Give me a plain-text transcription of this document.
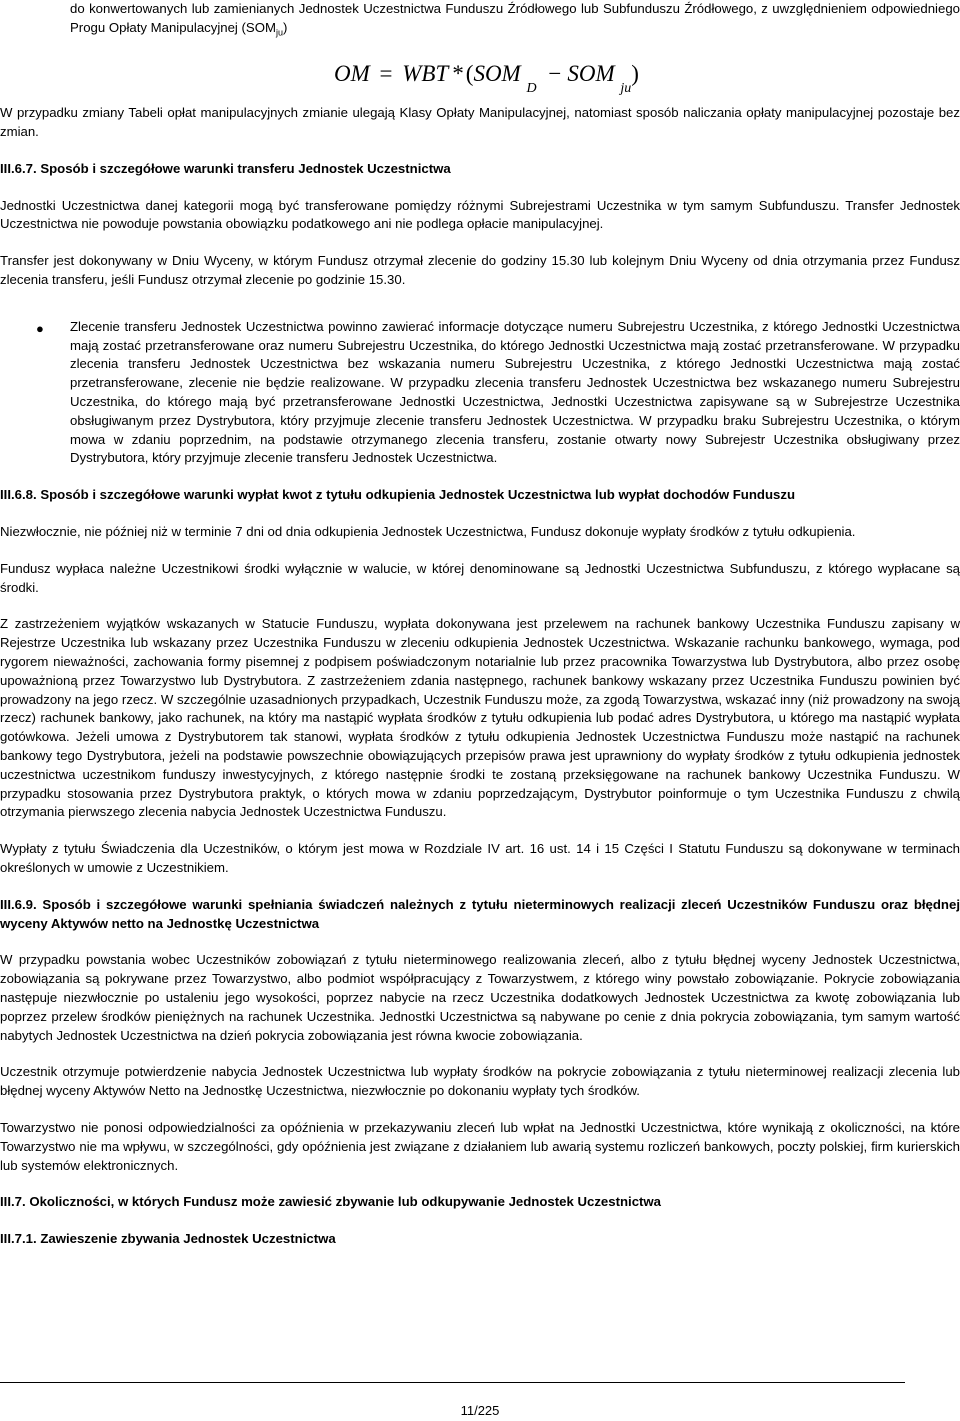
do konwertowanych lub zamienianych Jednostek Uczestnictwa Funduszu Źródłowego lub Subfunduszu Źródłowego, z uwzględnieniem odpowiedniego Progu Opłaty Manipulacyjnej $(SOM_{ju})$

OM = WBT * (SOM $_D$ − SOM $_{ju}$)

W przypadku zmiany Tabeli opłat manipulacyjnych zmianie ulegają Klasy Opłaty Manipulacyjnej, natomiast sposób naliczania opłaty manipulacyjnej pozostaje bez zmian.

III.6.7. Sposób i szczegółowe warunki transferu Jednostek Uczestnictwa

Jednostki Uczestnictwa danej kategorii mogą być transferowane pomiędzy różnymi Subrejestrami Uczestnika w tym samym Subfunduszu. Transfer Jednostek Uczestnictwa nie powoduje powstania obowiązku podatkowego ani nie podlega opłacie manipulacyjnej.

Transfer jest dokonywany w Dniu Wyceny, w którym Fundusz otrzymał zlecenie do godziny 15.30 lub kolejnym Dniu Wyceny od dnia otrzymania przez Fundusz zlecenia transferu, jeśli Fundusz otrzymał zlecenie po godzinie 15.30.

● Zlecenie transferu Jednostek Uczestnictwa powinno zawierać informacje dotyczące numeru Subrejestru Uczestnika, z którego Jednostki Uczestnictwa mają zostać przetransferowane oraz numeru Subrejestru Uczestnika, do którego Jednostki Uczestnictwa mają zostać przetransferowane. W przypadku zlecenia transferu Jednostek Uczestnictwa bez wskazania numeru Subrejestru Uczestnika, z którego Jednostki Uczestnictwa mają zostać przetransferowane, zlecenie nie będzie realizowane. W przypadku zlecenia transferu Jednostek Uczestnictwa bez wskazanego numeru Subrejestru Uczestnika, do którego mają być przetransferowane Jednostki Uczestnictwa, Jednostki Uczestnictwa zapisywane są w Subrejestrze Uczestnika obsługiwanym przez Dystrybutora, który przyjmuje zlecenie transferu Jednostek Uczestnictwa. W przypadku braku Subrejestru Uczestnika, o którym mowa w zdaniu poprzednim, na podstawie otrzymanego zlecenia transferu, zostanie otwarty nowy Subrejestr Uczestnika obsługiwany przez Dystrybutora, który przyjmuje zlecenie transferu Jednostek Uczestnictwa.

III.6.8. Sposób i szczegółowe warunki wypłat kwot z tytułu odkupienia Jednostek Uczestnictwa lub wypłat dochodów Funduszu

Niezwłocznie, nie później niż w terminie 7 dni od dnia odkupienia Jednostek Uczestnictwa, Fundusz dokonuje wypłaty środków z tytułu odkupienia.

Fundusz wypłaca należne Uczestnikowi środki wyłącznie w walucie, w której denominowane są Jednostki Uczestnictwa Subfunduszu, z którego wypłacane są środki.

Z zastrzeżeniem wyjątków wskazanych w Statucie Funduszu, wypłata dokonywana jest przelewem na rachunek bankowy Uczestnika Funduszu zapisany w Rejestrze Uczestnika lub wskazany przez Uczestnika Funduszu w zleceniu odkupienia Jednostek Uczestnictwa. Wskazanie rachunku bankowego, wymaga, pod rygorem nieważności, zachowania formy pisemnej z podpisem poświadczonym notarialnie lub przez pracownika Towarzystwa lub Dystrybutora, albo przez osobę upoważnioną przez Towarzystwo lub Dystrybutora. Z zastrzeżeniem zdania następnego, rachunek bankowy wskazany przez Uczestnika Funduszu powinien być prowadzony na jego rzecz. W szczególnie uzasadnionych przypadkach, Uczestnik Funduszu może, za zgodą Towarzystwa, wskazać inny (niż prowadzony na swoją rzecz) rachunek bankowy, jako rachunek, na który ma nastąpić wypłata środków z tytułu odkupienia lub podać adres Dystrybutora, u którego ma nastąpić wypłata gotówkowa. Jeżeli umowa z Dystrybutorem tak stanowi, wypłata środków z tytułu odkupienia Jednostek Uczestnictwa Funduszu może nastąpić na rachunek bankowy tego Dystrybutora, jeżeli na podstawie powszechnie obowiązujących przepisów prawa jest uprawniony do wypłaty środków z tytułu odkupienia jednostek uczestnictwa uczestnikom funduszy inwestycyjnych, z którego następnie środki te zostaną przeksięgowane na rachunek bankowy Uczestnika Funduszu. W przypadku stosowania przez Dystrybutora praktyk, o których mowa w zdaniu poprzedzającym, Dystrybutor poinformuje o tym Uczestnika Funduszu z chwilą otrzymania pierwszego zlecenia nabycia Jednostek Uczestnictwa Funduszu.

Wypłaty z tytułu Świadczenia dla Uczestników, o którym jest mowa w Rozdziale IV art. 16 ust. 14 i 15 Części I Statutu Funduszu są dokonywane w terminach określonych w umowie z Uczestnikiem.

III.6.9. Sposób i szczegółowe warunki spełniania świadczeń należnych z tytułu nieterminowych realizacji zleceń Uczestników Funduszu oraz błędnej wyceny Aktywów netto na Jednostkę Uczestnictwa

W przypadku powstania wobec Uczestników zobowiązań z tytułu nieterminowego realizowania zleceń, albo z tytułu błędnej wyceny Jednostek Uczestnictwa, zobowiązania są pokrywane przez Towarzystwo, albo podmiot współpracujący z Towarzystwem, z którego winy powstało zobowiązanie. Pokrycie zobowiązania następuje niezwłocznie po ustaleniu jego wysokości, poprzez nabycie na rzecz Uczestnika dodatkowych Jednostek Uczestnictwa za kwotę zobowiązania lub poprzez przelew środków pieniężnych na rachunek Uczestnika. Jednostki Uczestnictwa są nabywane po cenie z dnia pokrycia zobowiązania, tym samym wartość nabytych Jednostek Uczestnictwa na dzień pokrycia zobowiązania jest równa kwocie zobowiązania.

Uczestnik otrzymuje potwierdzenie nabycia Jednostek Uczestnictwa lub wypłaty środków na pokrycie zobowiązania z tytułu nieterminowej realizacji zlecenia lub błędnej wyceny Aktywów Netto na Jednostkę Uczestnictwa, niezwłocznie po dokonaniu wypłaty tych środków.

Towarzystwo nie ponosi odpowiedzialności za opóźnienia w przekazywaniu zleceń lub wpłat na Jednostki Uczestnictwa, które wynikają z okoliczności, na które Towarzystwo nie ma wpływu, w szczególności, gdy opóźnienia jest związane z działaniem lub awarią systemu rozliczeń bankowych, poczty polskiej, firm kurierskich lub systemów elektronicznych.

III.7. Okoliczności, w których Fundusz może zawiesić zbywanie lub odkupywanie Jednostek Uczestnictwa

III.7.1. Zawieszenie zbywania Jednostek Uczestnictwa

11/225
